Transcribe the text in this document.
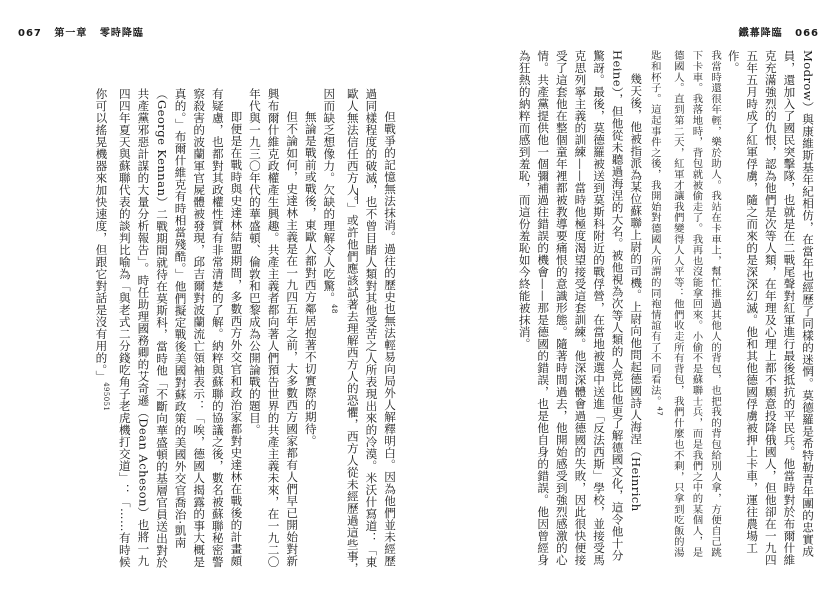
067 第一章 零時降臨	鐵幕降臨 066

Modrow）與康維斯基年紀相仿，在當年也經歷了同樣的迷惘。莫德羅是希特勒青年團的忠實成員，還加入了國民突擊隊，也就是在二戰尾聲對紅軍進行最後抵抗的平民兵。他當時對於布爾什維克充滿強烈的仇恨，認為他們是次等人類，在年理及心理上都不願意投降俄國人，但他卻在一九四五年五月時成了紅軍俘虜，隨之而來的是深深幻滅。他和其他德國俘虜被押上卡車，運往農場工作。

我當時還很年輕，樂於助人。我站在卡車上，幫忙推過其他人的背包，也把我的背包給別人拿，方便自己跳下卡車。我落地時，背包就被偷走了。我再也沒能拿回來。小偷不是蘇聯士兵，而是我們之中的某個人，是德國人。直到第二天，紅軍才讓我們變得人人平等：他們收走所有背包，我們什麼也不剩，只拿到吃飯的湯匙和杯子。這起事件之後，我開始對德國人所謂的同袍情誼有了不同看法。$^{47}$

幾天後，他被指派為某位蘇聯上尉的司機。上尉向他問起德國詩人海涅（Heinrich Heine），但他從未聽過海涅的大名。被他視為次等人類的人竟比他更了解德國文化，這令他十分驚訝。最後，莫德羅被送到莫斯科附近的戰俘營，在當地被選中送進「反法西斯」學校，並接受馬克思列寧主義的訓練——當時他極度渴望接受這套訓練。他深深體會過德國的失敗，因此很快便接受了這套他在整個童年裡都被教導要痛恨的意識形態。隨著時間過去，他開始感受到強烈感激的心情。共產黨提供他一個彌補過往錯誤的機會——那是德國的錯誤，也是他自身的錯誤。他因曾經身為狂熱的納粹而感到羞恥，而這份羞恥如今終能被抹消。

但戰爭的記憶無法抹消。過往的歷史也無法輕易向局外人解釋明白。因為他們並未經歷過同樣程度的破滅，也不曾目睹人類對其他受苦之人所表現出來的冷漠。米沃什寫道：「東歐人無法信任西方人。」或許他們應該試著去理解西方人的恐懼，西方人從未經歷過這些事，因而缺乏想像力。欠缺的理解令人吃驚。$^{48}$

無論是戰前或戰後，東歐人都對西方鄰居抱著不切實際的期待。

但不論如何，史達林主義是在一九四五年之前，大多數西方國家都有人們早已開始對新興布爾什維克政權產生興趣。共產主義者都向著人們預告世界的共產主義未來，在一九二〇年代與一九三〇年代的華盛頓、倫敦和巴黎成為公開論戰的題目。

即便是在戰時與史達林結盟期間，多數西方外交官和政治家都對史達林在戰後的計畫頗有疑慮，也都對其政權性質有非常清楚的了解。納粹與蘇聯的協議之後，數名被蘇聯秘密警察殺害的波蘭軍官屍體被發現，邱吉爾對波蘭流亡領袖表示：「唉，德國人揭露的事大概是真的。」布爾什維克有時相當殘酷。」他們擬定戰後美國對蘇政策的美國外交官喬治·凱南（George Kennan）二戰期間就待在莫斯科，當時他「不斷向華盛頓的基層官員送出對於共產黨邪惡計謀的大量分析報告」。時任助理國務卿的艾奇遜（Dean Acheson）也將一九四四年夏天與蘇聯代表的談判比喻為「與老式二分錢吃角子老虎機打交道」：「……有時候你可以搖晃機器來加快速度，但跟它對話是沒有用的。」$^{495051}$
